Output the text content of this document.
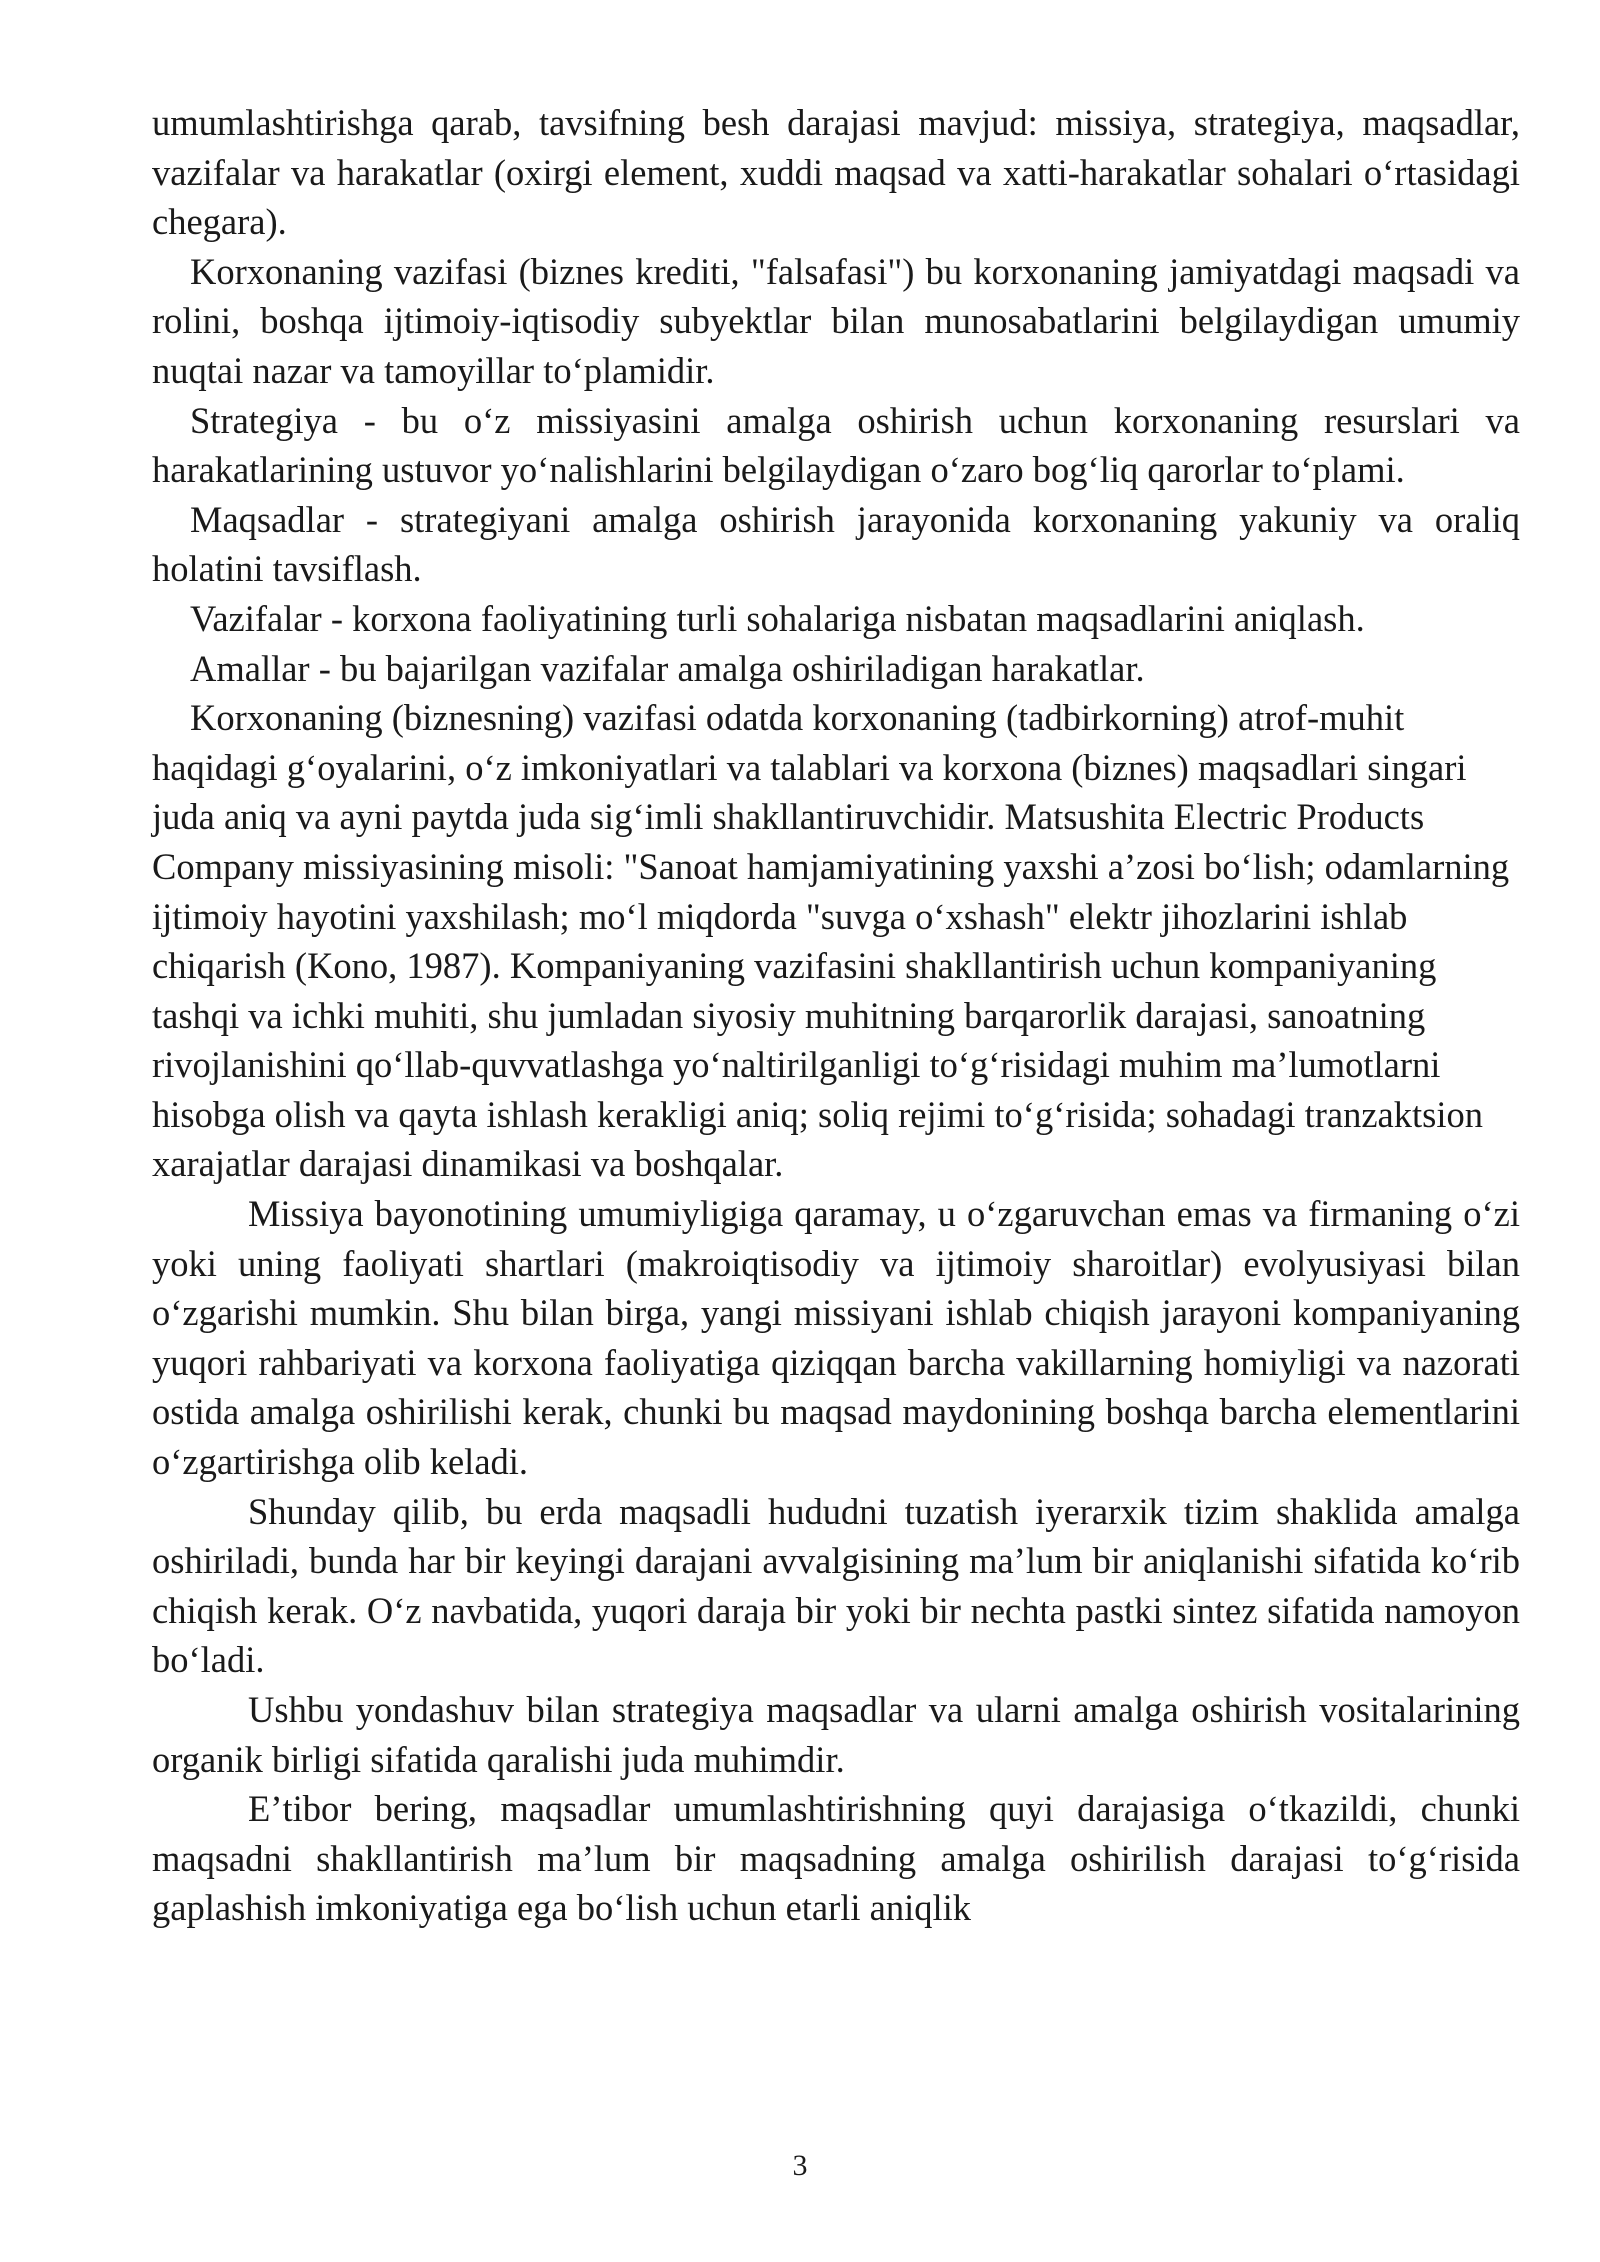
umumlashtirishga qarab, tavsifning besh darajasi mavjud: missiya, strategiya, maqsadlar, vazifalar va harakatlar (oxirgi element, xuddi maqsad va xatti-harakatlar sohalari oʻrtasidagi chegara).

Korxonaning vazifasi (biznes krediti, "falsafasi") bu korxonaning jamiyatdagi maqsadi va rolini, boshqa ijtimoiy-iqtisodiy subyektlar bilan munosabatlarini belgilaydigan umumiy nuqtai nazar va tamoyillar toʻplamidir.

Strategiya - bu oʻz missiyasini amalga oshirish uchun korxonaning resurslari va harakatlarining ustuvor yoʻnalishlarini belgilaydigan oʻzaro bogʻliq qarorlar toʻplami.

Maqsadlar - strategiyani amalga oshirish jarayonida korxonaning yakuniy va oraliq holatini tavsiflash.

Vazifalar - korxona faoliyatining turli sohalariga nisbatan maqsadlarini aniqlash.

Amallar - bu bajarilgan vazifalar amalga oshiriladigan harakatlar.

Korxonaning (biznesning) vazifasi odatda korxonaning (tadbirkorning) atrof-muhit haqidagi gʻoyalarini, oʻz imkoniyatlari va talablari va korxona (biznes) maqsadlari singari juda aniq va ayni paytda juda sigʻimli shakllantiruvchidir. Matsushita Electric Products Company missiyasining misoli: "Sanoat hamjamiyatining yaxshi aʼzosi boʻlish; odamlarning ijtimoiy hayotini yaxshilash; moʻl miqdorda "suvga oʻxshash" elektr jihozlarini ishlab chiqarish (Kono, 1987). Kompaniyaning vazifasini shakllantirish uchun kompaniyaning tashqi va ichki muhiti, shu jumladan siyosiy muhitning barqarorlik darajasi, sanoatning rivojlanishini qoʻllab-quvvatlashga yoʻnaltirilganligi toʻgʻrisidagi muhim maʼlumotlarni hisobga olish va qayta ishlash kerakligi aniq; soliq rejimi toʻgʻrisida; sohadagi tranzaktsion xarajatlar darajasi dinamikasi va boshqalar.

Missiya bayonotining umumiyligiga qaramay, u oʻzgaruvchan emas va firmaning oʻzi yoki uning faoliyati shartlari (makroiqtisodiy va ijtimoiy sharoitlar) evolyusiyasi bilan oʻzgarishi mumkin. Shu bilan birga, yangi missiyani ishlab chiqish jarayoni kompaniyaning yuqori rahbariyati va korxona faoliyatiga qiziqqan barcha vakillarning homiyligi va nazorati ostida amalga oshirilishi kerak, chunki bu maqsad maydonining boshqa barcha elementlarini oʻzgartirishga olib keladi.

Shunday qilib, bu erda maqsadli hududni tuzatish iyerarxik tizim shaklida amalga oshiriladi, bunda har bir keyingi darajani avvalgisining maʼlum bir aniqlanishi sifatida koʻrib chiqish kerak. Oʻz navbatida, yuqori daraja bir yoki bir nechta pastki sintez sifatida namoyon boʻladi.

Ushbu yondashuv bilan strategiya maqsadlar va ularni amalga oshirish vositalarining organik birligi sifatida qaralishi juda muhimdir.

Eʼtibor bering, maqsadlar umumlashtirishning quyi darajasiga oʻtkazildi, chunki maqsadni shakllantirish maʼlum bir maqsadning amalga oshirilish darajasi toʻgʻrisida gaplashish imkoniyatiga ega boʻlish uchun etarli aniqlik

3
